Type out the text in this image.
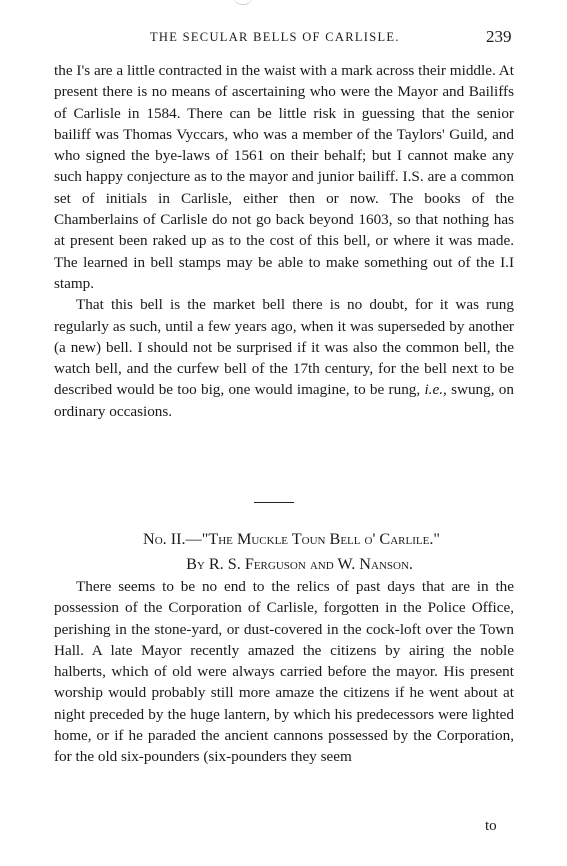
THE SECULAR BELLS OF CARLISLE.	239

the I's are a little contracted in the waist with a mark across their middle. At present there is no means of ascertaining who were the Mayor and Bailiffs of Carlisle in 1584. There can be little risk in guessing that the senior bailiff was Thomas Vyccars, who was a member of the Taylors' Guild, and who signed the bye-laws of 1561 on their behalf; but I cannot make any such happy conjecture as to the mayor and junior bailiff. I.S. are a common set of initials in Carlisle, either then or now. The books of the Chamberlains of Carlisle do not go back beyond 1603, so that nothing has at present been raked up as to the cost of this bell, or where it was made. The learned in bell stamps may be able to make something out of the I.I stamp.

That this bell is the market bell there is no doubt, for it was rung regularly as such, until a few years ago, when it was superseded by another (a new) bell. I should not be surprised if it was also the common bell, the watch bell, and the curfew bell of the 17th century, for the bell next to be described would be too big, one would imagine, to be rung, i.e., swung, on ordinary occasions.

No. II.—"The Muckle Toun Bell o' Carlile."
By R. S. Ferguson and W. Nanson.

There seems to be no end to the relics of past days that are in the possession of the Corporation of Carlisle, forgotten in the Police Office, perishing in the stone-yard, or dust-covered in the cock-loft over the Town Hall. A late Mayor recently amazed the citizens by airing the noble halberts, which of old were always carried before the mayor. His present worship would probably still more amaze the citizens if he went about at night preceded by the huge lantern, by which his predecessors were lighted home, or if he paraded the ancient cannons possessed by the Corporation, for the old six-pounders (six-pounders they seem

to
